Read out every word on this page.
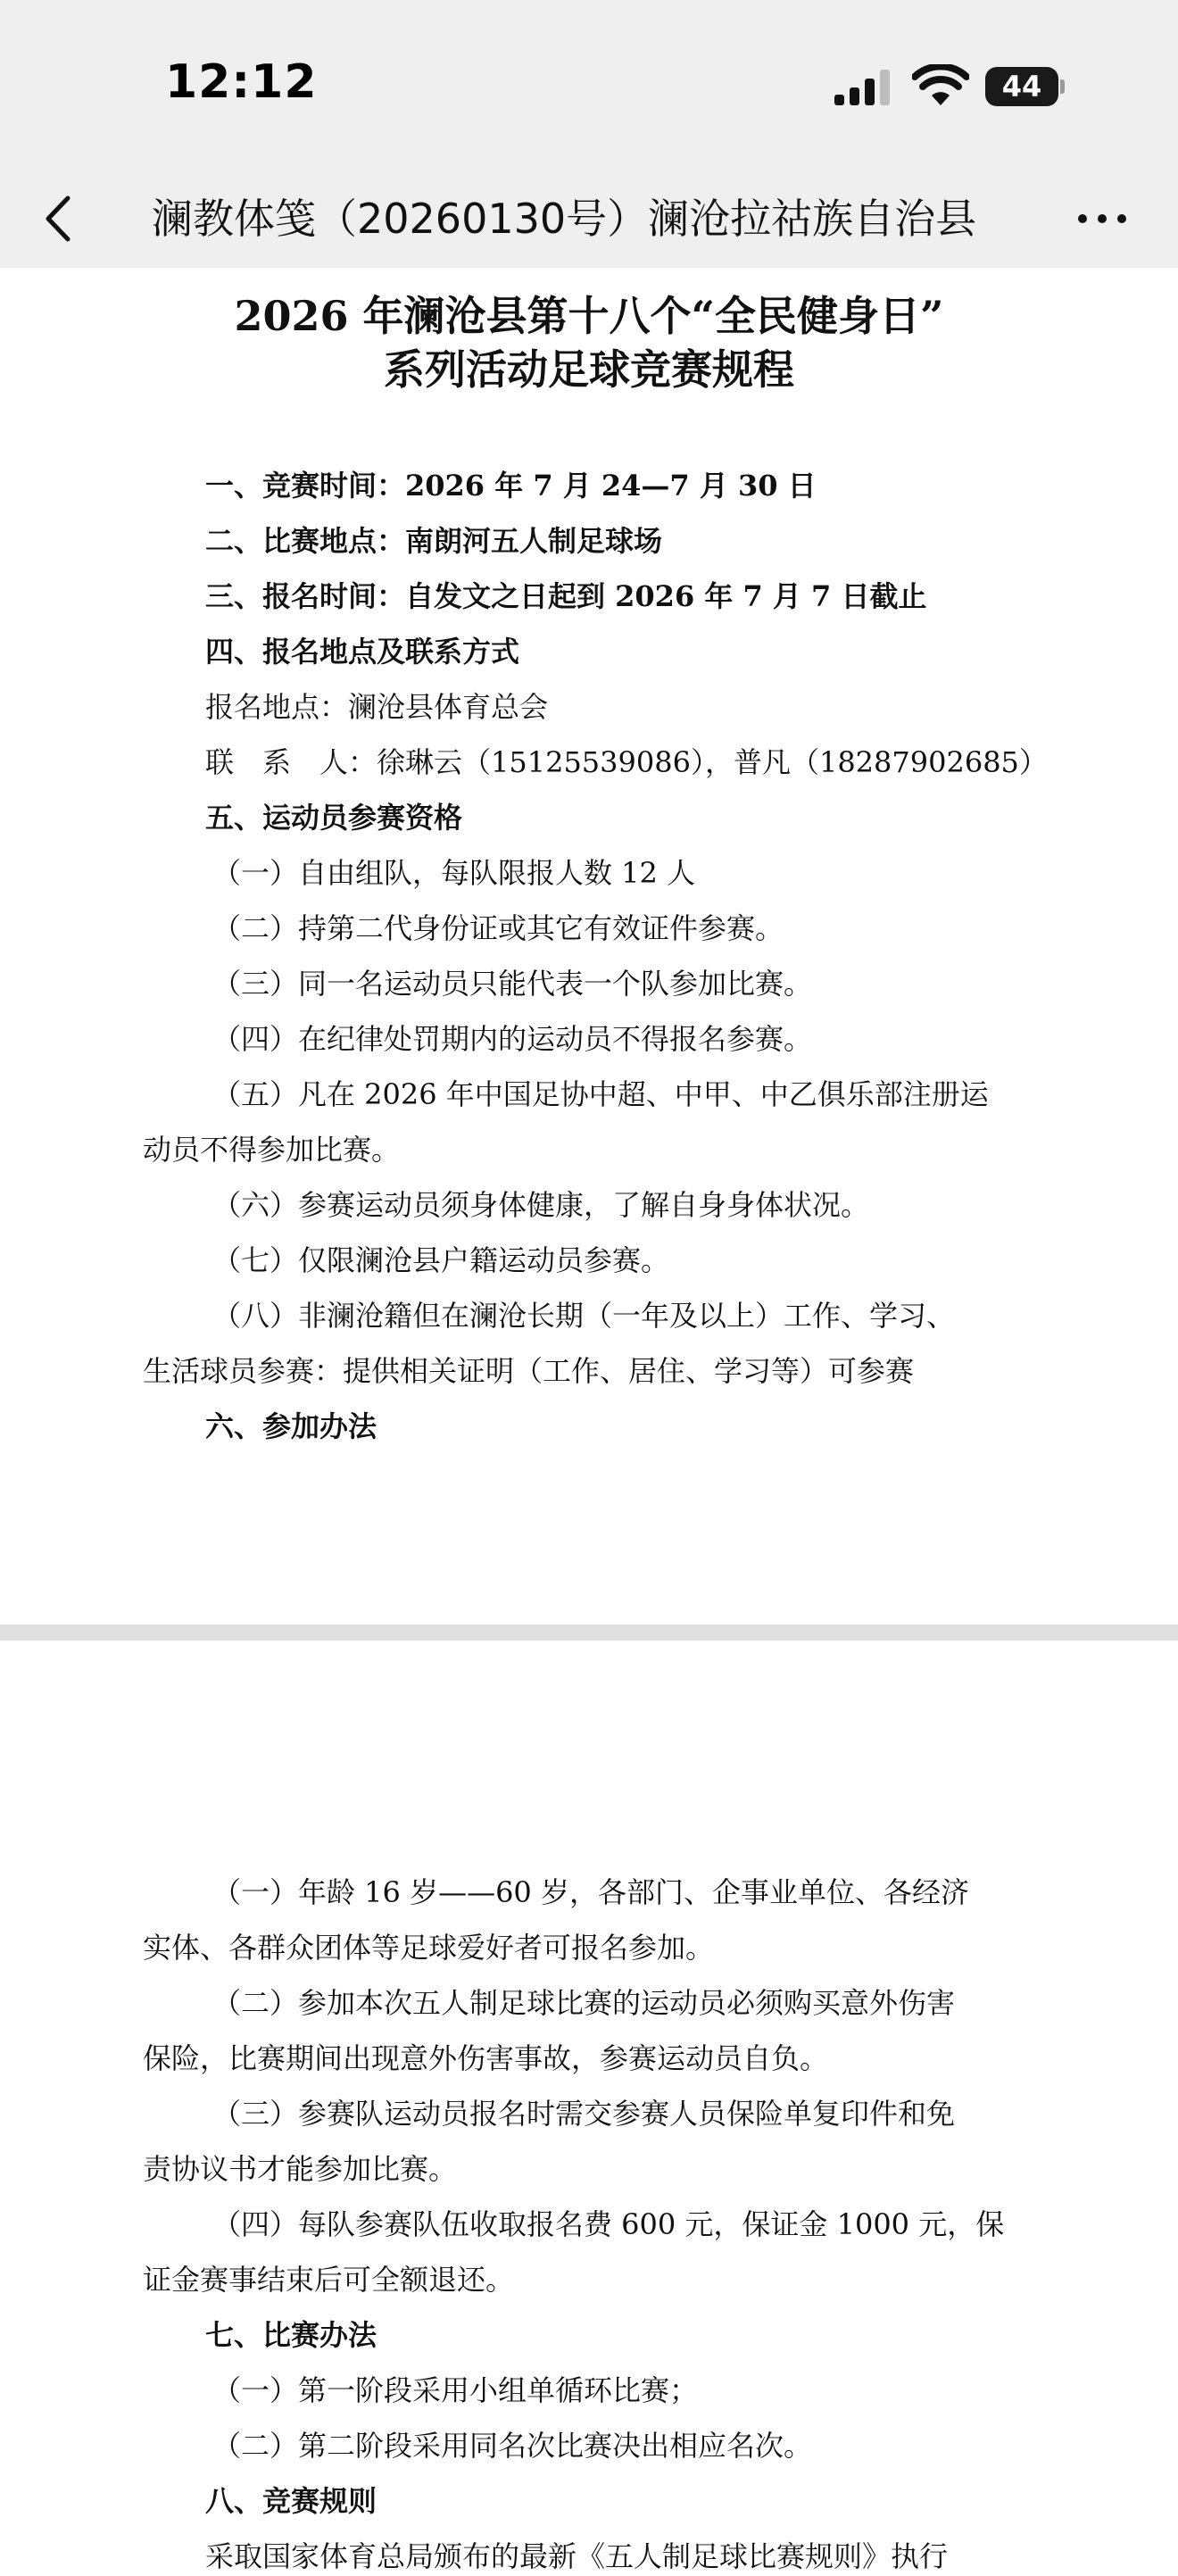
12:12	44
澜教体笺（20260130号）澜沧拉祜族自治县
2026 年澜沧县第十八个“全民健身日”
系列活动足球竞赛规程
一、竞赛时间：2026 年 7 月 24—7 月 30 日
二、比赛地点：南朗河五人制足球场
三、报名时间：自发文之日起到 2026 年 7 月 7 日截止
四、报名地点及联系方式
报名地点：澜沧县体育总会
联　系　人：徐琳云（15125539086），普凡（18287902685）
五、运动员参赛资格
（一）自由组队，每队限报人数 12 人
（二）持第二代身份证或其它有效证件参赛。
（三）同一名运动员只能代表一个队参加比赛。
（四）在纪律处罚期内的运动员不得报名参赛。
（五）凡在 2026 年中国足协中超、中甲、中乙俱乐部注册运
动员不得参加比赛。
（六）参赛运动员须身体健康，了解自身身体状况。
（七）仅限澜沧县户籍运动员参赛。
（八）非澜沧籍但在澜沧长期（一年及以上）工作、学习、
生活球员参赛：提供相关证明（工作、居住、学习等）可参赛
六、参加办法
（一）年龄 16 岁——60 岁，各部门、企事业单位、各经济
实体、各群众团体等足球爱好者可报名参加。
（二）参加本次五人制足球比赛的运动员必须购买意外伤害
保险，比赛期间出现意外伤害事故，参赛运动员自负。
（三）参赛队运动员报名时需交参赛人员保险单复印件和免
责协议书才能参加比赛。
（四）每队参赛队伍收取报名费 600 元，保证金 1000 元，保
证金赛事结束后可全额退还。
七、比赛办法
（一）第一阶段采用小组单循环比赛；
（二）第二阶段采用同名次比赛决出相应名次。
八、竞赛规则
采取国家体育总局颁布的最新《五人制足球比赛规则》执行
